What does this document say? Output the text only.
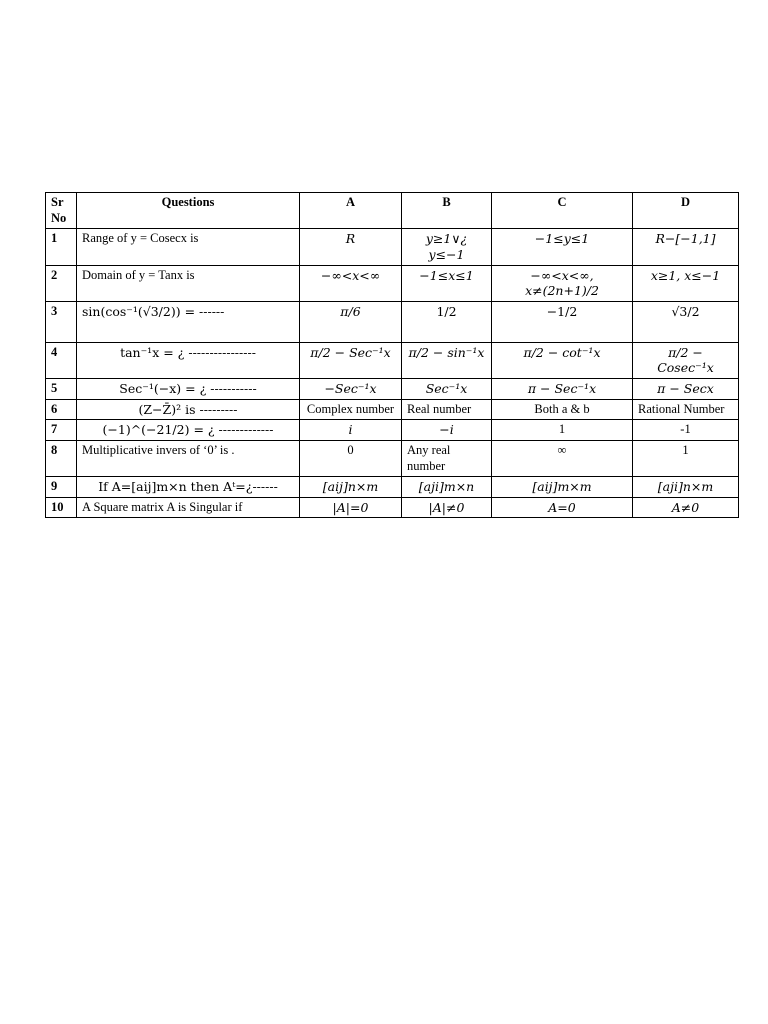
Sr No	Questions	A	B	C	D
1	Range of y = Cosecx is	R	y≥1∨¿ y≤−1	−1≤y≤1	R−[−1,1]
2	Domain of y = Tanx is	−∞<x<∞	−1≤x≤1	−∞<x<∞, x≠(2n+1)/2	x≥1, x≤−1
3	sin(cos⁻¹(√3/2)) = ------	π/6	1/2	−1/2	√3/2
4	tan⁻¹x = ¿ ----------------	π/2 − Sec⁻¹x	π/2 − sin⁻¹x	π/2 − cot⁻¹x	π/2 − Cosec⁻¹x
5	Sec⁻¹(−x) = ¿ -----------	−Sec⁻¹x	Sec⁻¹x	π − Sec⁻¹x	π − Secx
6	(Z−Z̄)² is ---------	Complex number	Real number	Both a & b	Rational Number
7	(−1)^(−21/2) = ¿ -------------	i	−i	1	-1
8	Multiplicative invers of ‘0’ is .	0	Any real number	∞	1
9	If A=[aij]m×n then Aᵗ=¿------	[aij]n×m	[aji]m×n	[aij]m×m	[aji]n×m
10	A Square matrix A is Singular if	|A|=0	|A|≠0	A=0	A≠0
